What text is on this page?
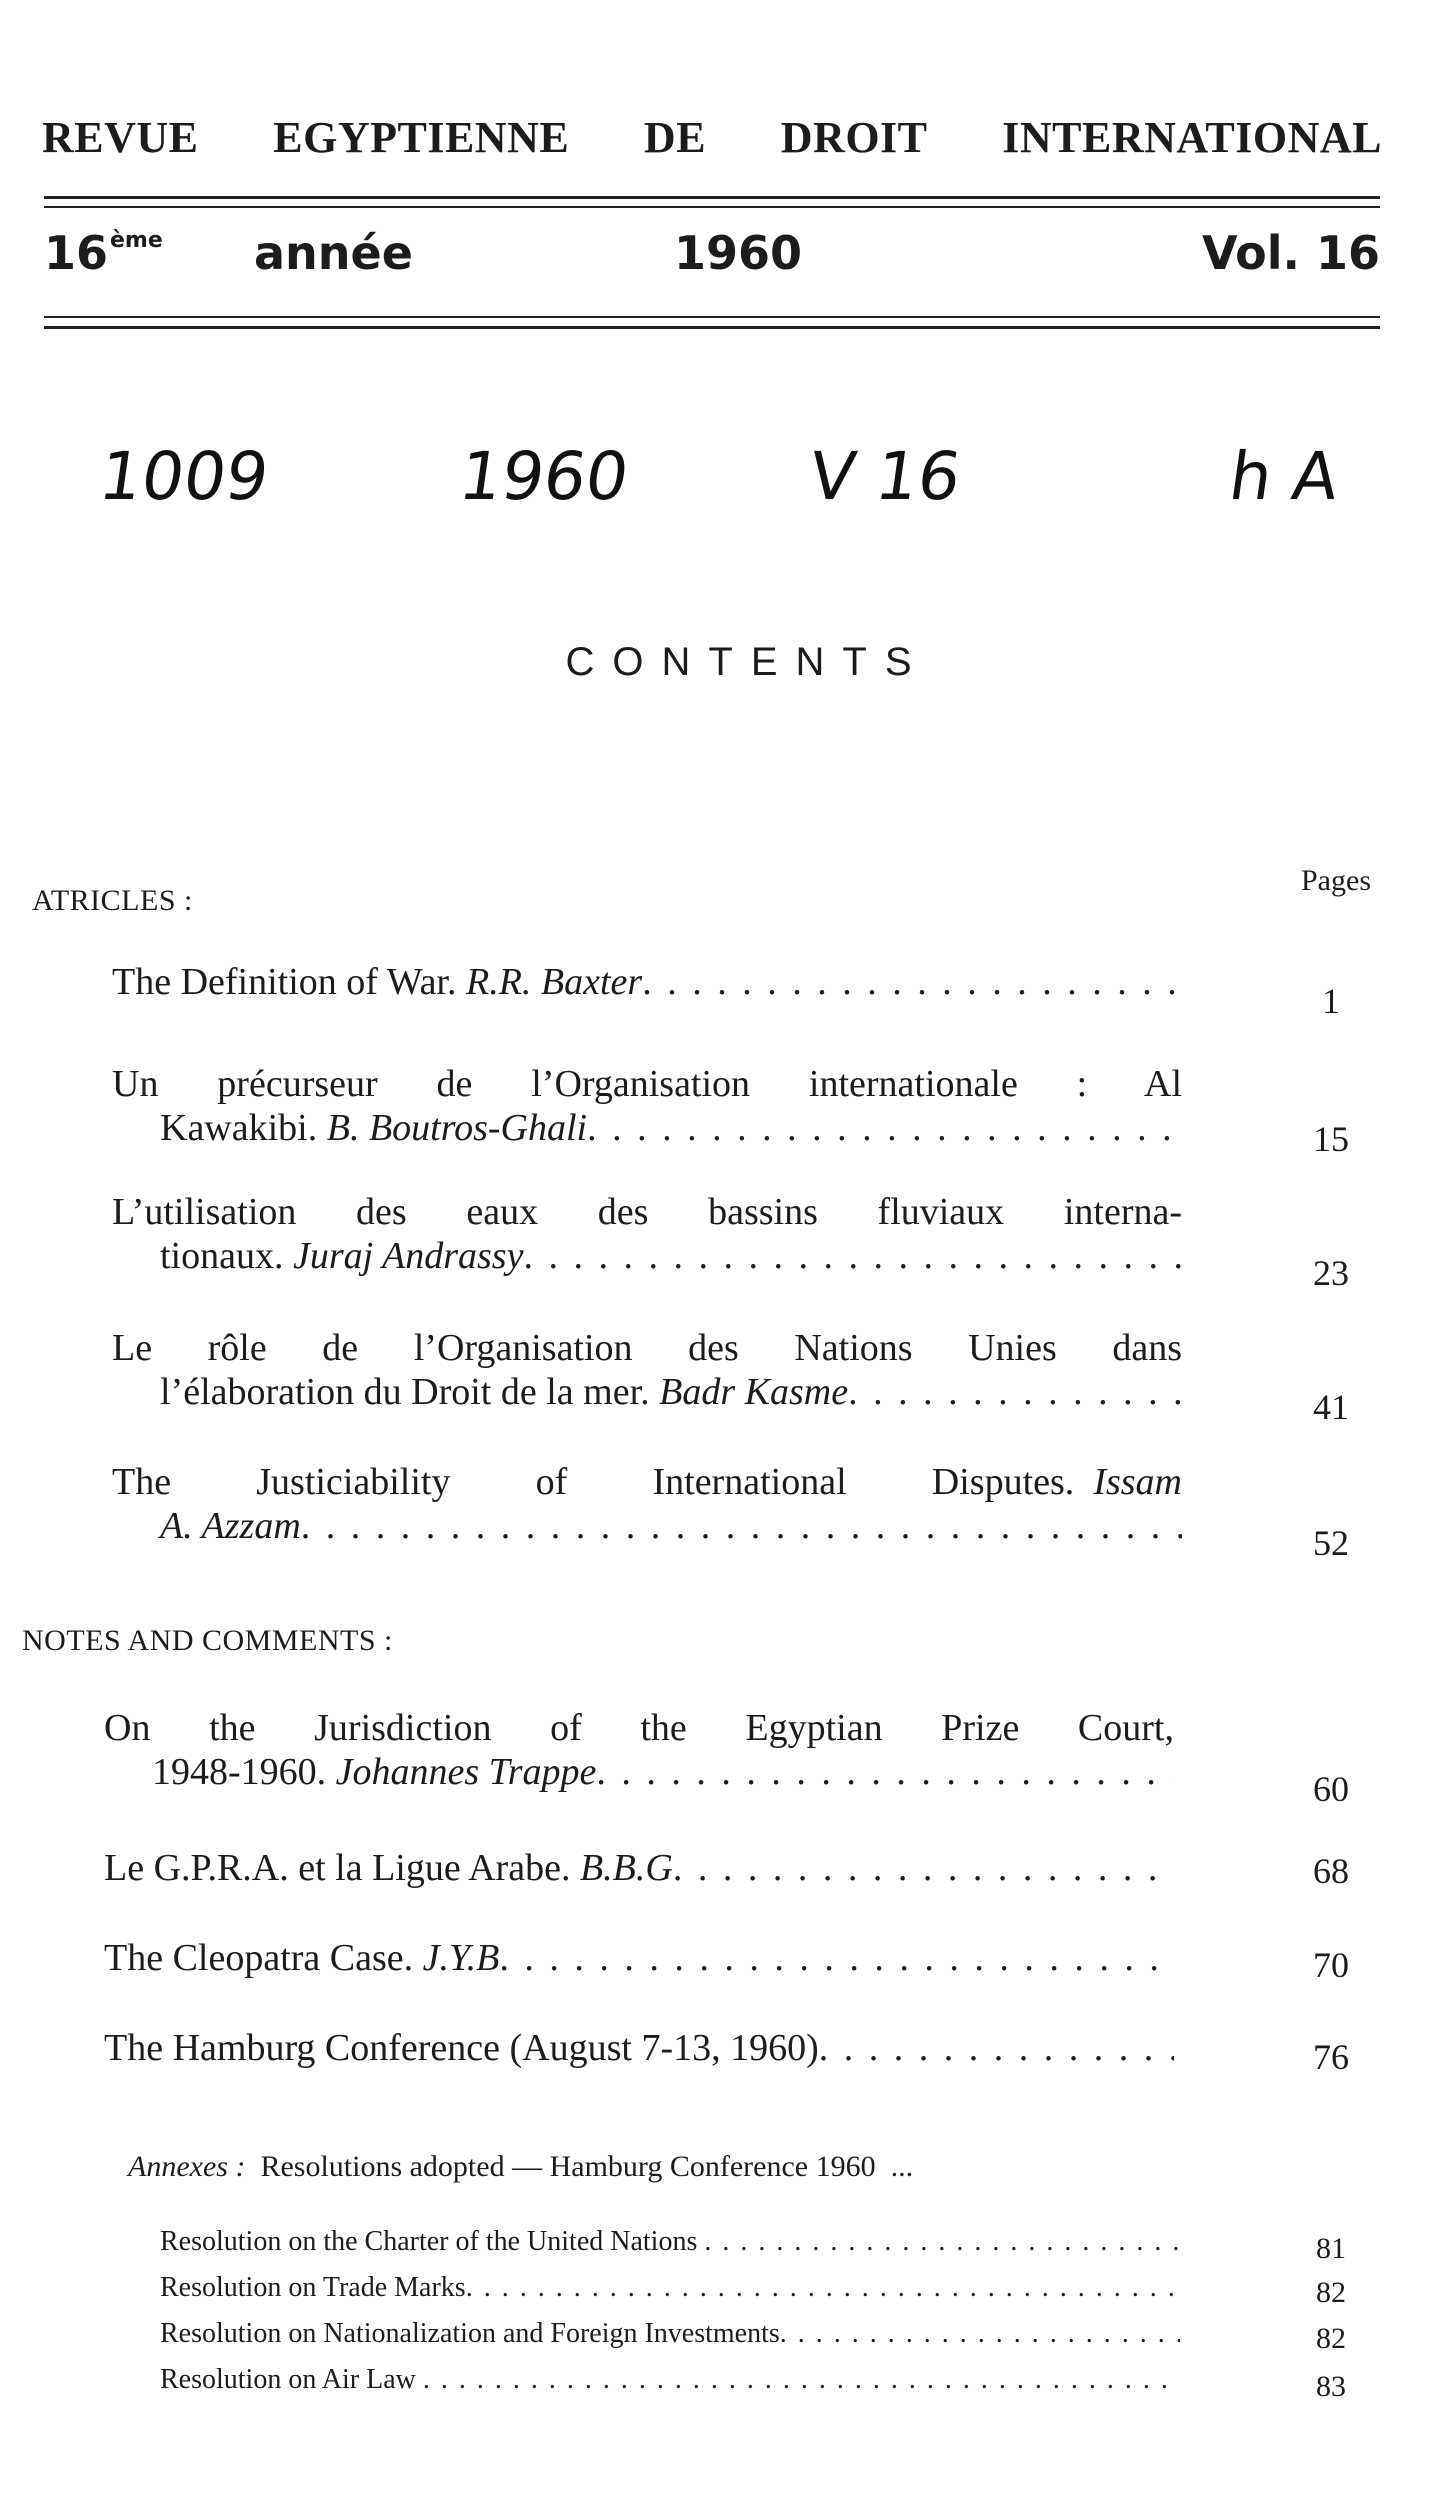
REVUE EGYPTIENNE DE DROIT INTERNATIONAL
16ème année	1960	Vol. 16
1009	1960	V 16	h A
CONTENTS
Pages
ATRICLES :
The Definition of War.
R.R. Baxter . . .	1
Un précurseur de l’Organisation internationale : Al
Kawakibi.
B. Boutros-Ghali . . .	15
L’utilisation des eaux des bassins fluviaux interna-
tionaux.
Juraj Andrassy . . .	23
Le rôle de l’Organisation des Nations Unies dans
l’élaboration du Droit de la mer.
Badr Kasme . . .	41
The Justiciability of International Disputes.
Issam
A. Azzam . . .	52
NOTES AND COMMENTS :
On the Jurisdiction of the Egyptian Prize Court,
1948-1960.
Johannes Trappe . . .	60
Le G.P.R.A. et la Ligue Arabe.
B.B.G . . .	68
The Cleopatra Case.
J.Y.B . . .	70
The Hamburg Conference (August 7-13, 1960) . . .	76
Annexes : Resolutions adopted — Hamburg Conference 1960 ...
Resolution on the Charter of the United Nations
. . .	81
Resolution on Trade Marks . . .	82
Resolution on Nationalization and Foreign Investments . . .	82
Resolution on Air Law
. . .	83
